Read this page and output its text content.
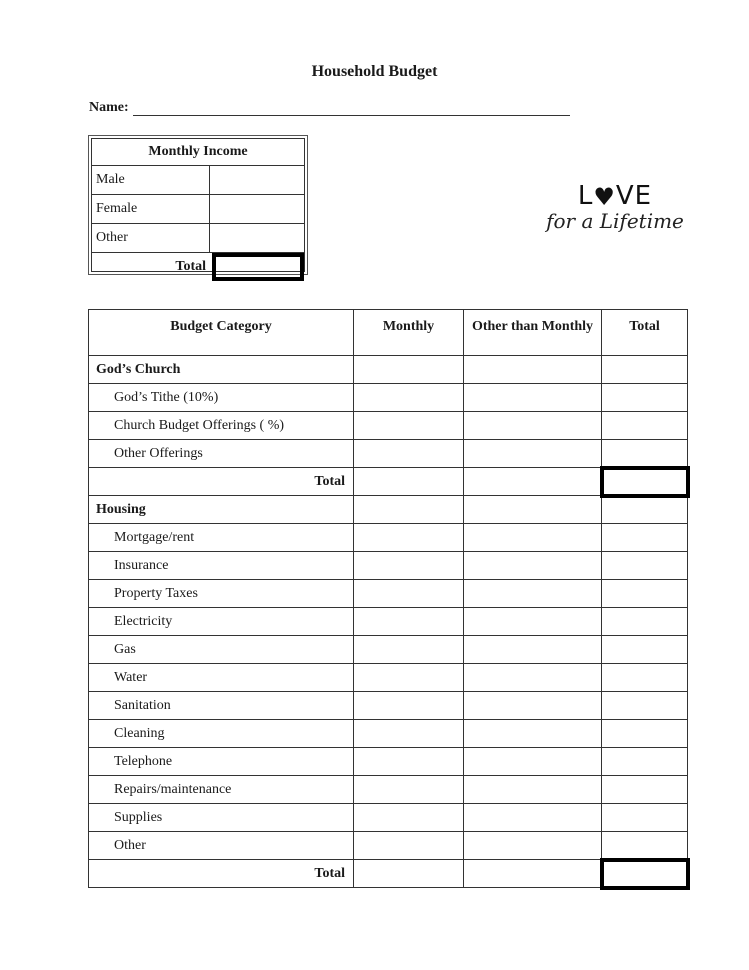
Household Budget
Name:
Monthly Income
Male
Female
Other
Total
L♥VE
for a Lifetime
Budget Category	Monthly	Other than Monthly	Total
God’s Church			
God’s Tithe (10%)			
Church Budget Offerings ( %)			
Other Offerings			
Total			
Housing			
Mortgage/rent			
Insurance			
Property Taxes			
Electricity			
Gas			
Water			
Sanitation			
Cleaning			
Telephone			
Repairs/maintenance			
Supplies			
Other			
Total			
